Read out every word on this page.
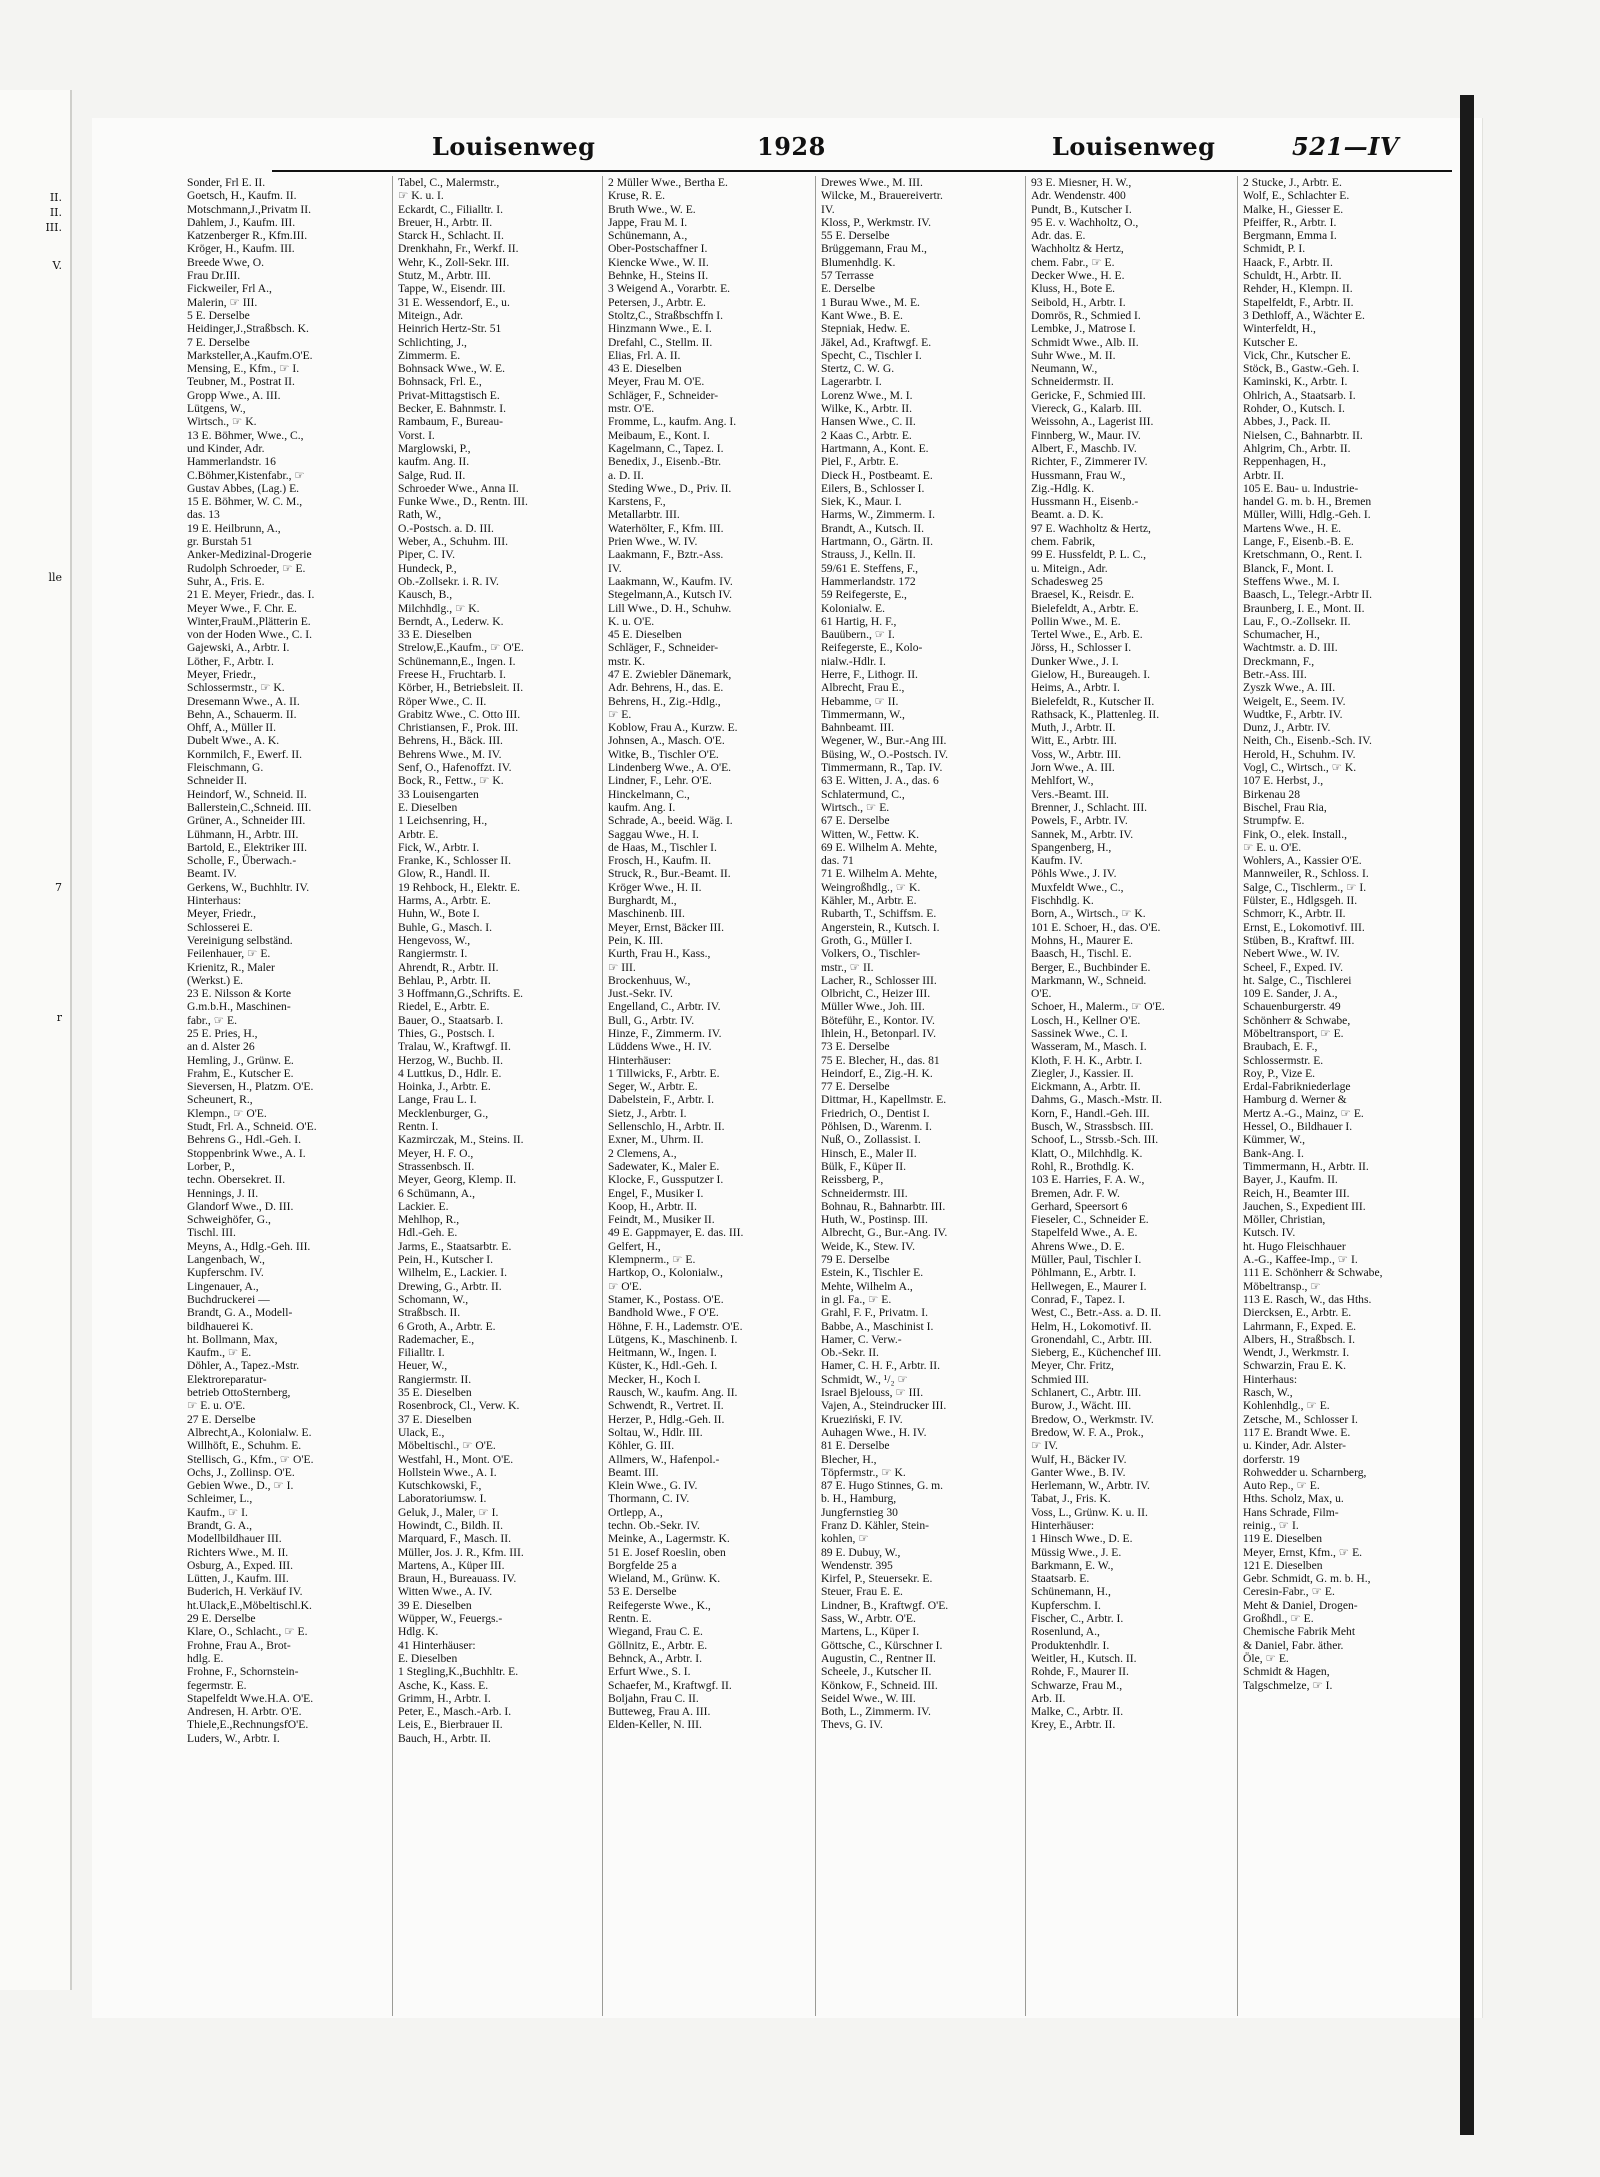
II.
II.
III.
V.
lle
7
r
Louisenweg	1928	Louisenweg	521—IV
Sonder, Frl E. II.
Goetsch, H., Kaufm. II.
Motschmann,J.,Privatm II.
Dahlem, J., Kaufm. III.
Katzenberger R., Kfm.III.
Kröger, H., Kaufm. III.
Breede Wwe, O.
Frau Dr.III.
Fickweiler, Frl A.,
Malerin, ☞ III.
5 E. Derselbe
Heidinger,J.,Straßbsch. K.
7 E. Derselbe
Marksteller,A.,Kaufm.O'E.
Mensing, E., Kfm., ☞ I.
Teubner, M., Postrat II.
Gropp Wwe., A. III.
Lütgens, W.,
Wirtsch., ☞ K.
13 E. Böhmer, Wwe., C.,
und Kinder, Adr.
Hammerlandstr. 16
C.Böhmer,Kistenfabr., ☞
Gustav Abbes, (Lag.) E.
15 E. Böhmer, W. C. M.,
das. 13
19 E. Heilbrunn, A.,
gr. Burstah 51
Anker-Medizinal-Drogerie
Rudolph Schroeder, ☞ E.
Suhr, A., Fris. E.
21 E. Meyer, Friedr., das. I.
Meyer Wwe., F. Chr. E.
Winter,FrauM.,Plätterin E.
von der Hoden Wwe., C. I.
Gajewski, A., Arbtr. I.
Löther, F., Arbtr. I.
Meyer, Friedr.,
Schlossermstr., ☞ K.
Dresemann Wwe., A. II.
Behn, A., Schauerm. II.
Ohff, A., Müller II.
Dubelt Wwe., A. K.
Kornmilch, F., Ewerf. II.
Fleischmann, G.
Schneider II.
Heindorf, W., Schneid. II.
Ballerstein,C.,Schneid. III.
Grüner, A., Schneider III.
Lühmann, H., Arbtr. III.
Bartold, E., Elektriker III.
Scholle, F., Überwach.-
Beamt. IV.
Gerkens, W., Buchhltr. IV.
Hinterhaus:
Meyer, Friedr.,
Schlosserei E.
Vereinigung selbständ.
Feilenhauer, ☞ E.
Krienitz, R., Maler
(Werkst.) E.
23 E. Nilsson & Korte
G.m.b.H., Maschinen-
fabr., ☞ E.
25 E. Pries, H.,
an d. Alster 26
Hemling, J., Grünw. E.
Frahm, E., Kutscher E.
Sieversen, H., Platzm. O'E.
Scheunert, R.,
Klempn., ☞ O'E.
Studt, Frl. A., Schneid. O'E.
Behrens G., Hdl.-Geh. I.
Stoppenbrink Wwe., A. I.
Lorber, P.,
techn. Obersekret. II.
Hennings, J. II.
Glandorf Wwe., D. III.
Schweighöfer, G.,
Tischl. III.
Meyns, A., Hdlg.-Geh. III.
Langenbach, W.,
Kupferschm. IV.
Lingenauer, A.,
Buchdruckerei —
Brandt, G. A., Modell-
bildhauerei K.
ht. Bollmann, Max,
Kaufm., ☞ E.
Döhler, A., Tapez.-Mstr.
Elektroreparatur-
betrieb OttoSternberg,
☞ E. u. O'E.
27 E. Derselbe
Albrecht,A., Kolonialw. E.
Willhöft, E., Schuhm. E.
Stellisch, G., Kfm., ☞ O'E.
Ochs, J., Zollinsp. O'E.
Gebien Wwe., D., ☞ I.
Schleimer, L.,
Kaufm., ☞ I.
Brandt, G. A.,
Modellbildhauer III.
Richters Wwe., M. II.
Osburg, A., Exped. III.
Lütten, J., Kaufm. III.
Buderich, H. Verkäuf IV.
ht.Ulack,E.,Möbeltischl.K.
29 E. Derselbe
Klare, O., Schlacht., ☞ E.
Frohne, Frau A., Brot-
hdlg. E.
Frohne, F., Schornstein-
fegermstr. E.
Stapelfeldt Wwe.H.A. O'E.
Andresen, H. Arbtr. O'E.
Thiele,E.,RechnungsfO'E.
Luders, W., Arbtr. I.
Tabel, C., Malermstr.,
☞ K. u. I.
Eckardt, C., Filialltr. I.
Breuer, H., Arbtr. II.
Starck H., Schlacht. II.
Drenkhahn, Fr., Werkf. II.
Wehr, K., Zoll-Sekr. III.
Stutz, M., Arbtr. III.
Tappe, W., Eisendr. III.
31 E. Wessendorf, E., u.
Miteign., Adr.
Heinrich Hertz-Str. 51
Schlichting, J.,
Zimmerm. E.
Bohnsack Wwe., W. E.
Bohnsack, Frl. E.,
Privat-Mittagstisch E.
Becker, E. Bahnmstr. I.
Rambaum, F., Bureau-
Vorst. I.
Marglowski, P.,
kaufm. Ang. II.
Salge, Rud. II.
Schroeder Wwe., Anna II.
Funke Wwe., D., Rentn. III.
Rath, W.,
O.-Postsch. a. D. III.
Weber, A., Schuhm. III.
Piper, C. IV.
Hundeck, P.,
Ob.-Zollsekr. i. R. IV.
Kausch, B.,
Milchhdlg., ☞ K.
Berndt, A., Lederw. K.
33 E. Dieselben
Strelow,E.,Kaufm., ☞ O'E.
Schünemann,E., Ingen. I.
Freese H., Fruchtarb. I.
Körber, H., Betriebsleit. II.
Röper Wwe., C. II.
Grabitz Wwe., C. Otto III.
Christiansen, F., Prok. III.
Behrens, H., Bäck. III.
Behrens Wwe., M. IV.
Senf, O., Hafenoffzt. IV.
Bock, R., Fettw., ☞ K.
33 Louisengarten
E. Dieselben
1 Leichsenring, H.,
Arbtr. E.
Fick, W., Arbtr. I.
Franke, K., Schlosser II.
Glow, R., Handl. II.
19 Rehbock, H., Elektr. E.
Harms, A., Arbtr. E.
Huhn, W., Bote I.
Buhle, G., Masch. I.
Hengevoss, W.,
Rangiermstr. I.
Ahrendt, R., Arbtr. II.
Behlau, P., Arbtr. II.
3 Hoffmann,G.,Schrifts. E.
Riedel, E., Arbtr. E.
Bauer, O., Staatsarb. I.
Thies, G., Postsch. I.
Tralau, W., Kraftwgf. II.
Herzog, W., Buchb. II.
4 Luttkus, D., Hdlr. E.
Hoinka, J., Arbtr. E.
Lange, Frau L. I.
Mecklenburger, G.,
Rentn. I.
Kazmirczak, M., Steins. II.
Meyer, H. F. O.,
Strassenbsch. II.
Meyer, Georg, Klemp. II.
6 Schümann, A.,
Lackier. E.
Mehlhop, R.,
Hdl.-Geh. E.
Jarms, E., Staatsarbtr. E.
Pein, H., Kutscher I.
Wilhelm, E., Lackier. I.
Drewing, G., Arbtr. II.
Schomann, W.,
Straßbsch. II.
6 Groth, A., Arbtr. E.
Rademacher, E.,
Filialltr. I.
Heuer, W.,
Rangiermstr. II.
35 E. Dieselben
Rosenbrock, Cl., Verw. K.
37 E. Dieselben
Ulack, E.,
Möbeltischl., ☞ O'E.
Westfahl, H., Mont. O'E.
Hollstein Wwe., A. I.
Kutschkowski, F.,
Laboratoriumsw. I.
Geluk, J., Maler, ☞ I.
Howindt, C., Bildh. II.
Marquard, F., Masch. II.
Müller, Jos. J. R., Kfm. III.
Martens, A., Küper III.
Braun, H., Bureauass. IV.
Witten Wwe., A. IV.
39 E. Dieselben
Wüpper, W., Feuergs.-
Hdlg. K.
41 Hinterhäuser:
E. Dieselben
1 Stegling,K.,Buchhltr. E.
Asche, K., Kass. E.
Grimm, H., Arbtr. I.
Peter, E., Masch.-Arb. I.
Leis, E., Bierbrauer II.
Bauch, H., Arbtr. II.
2 Müller Wwe., Bertha E.
Kruse, R. E.
Bruth Wwe., W. E.
Jappe, Frau M. I.
Schünemann, A.,
Ober-Postschaffner I.
Kienckе Wwe., W. II.
Behnke, H., Steins II.
3 Weigend A., Vorarbtr. E.
Petersen, J., Arbtr. E.
Stoltz,C., Straßbschffn I.
Hinzmann Wwe., E. I.
Drefahl, C., Stellm. II.
Elias, Frl. A. II.
43 E. Dieselben
Meyer, Frau M. O'E.
Schläger, F., Schneider-
mstr. O'E.
Fromme, L., kaufm. Ang. I.
Meibaum, E., Kont. I.
Kagelmann, C., Tapez. I.
Benedix, J., Eisenb.-Btr.
a. D. II.
Steding Wwe., D., Priv. II.
Karstens, F.,
Metallarbtr. III.
Waterhölter, F., Kfm. III.
Prien Wwe., W. IV.
Laakmann, F., Bztr.-Ass.
IV.
Laakmann, W., Kaufm. IV.
Stegelmann,A., Kutsch IV.
Lill Wwe., D. H., Schuhw.
K. u. O'E.
45 E. Dieselben
Schläger, F., Schneider-
mstr. K.
47 E. Zwiebler Dänemark,
Adr. Behrens, H., das. E.
Behrens, H., Zig.-Hdlg.,
☞ E.
Koblow, Frau A., Kurzw. E.
Johnsen, A., Masch. O'E.
Witke, B., Tischler O'E.
Lindenberg Wwe., A. O'E.
Lindner, F., Lehr. O'E.
Hinckelmann, C.,
kaufm. Ang. I.
Schrade, A., beeid. Wäg. I.
Saggau Wwe., H. I.
de Haas, M., Tischler I.
Frosch, H., Kaufm. II.
Struck, R., Bur.-Beamt. II.
Kröger Wwe., H. II.
Burghardt, M.,
Maschinenb. III.
Meyer, Ernst, Bäcker III.
Pein, K. III.
Kurth, Frau H., Kass.,
☞ III.
Brockenhuus, W.,
Just.-Sekr. IV.
Engelland, C., Arbtr. IV.
Bull, G., Arbtr. IV.
Hinze, F., Zimmerm. IV.
Lüddens Wwe., H. IV.
Hinterhäuser:
1 Tillwicks, F., Arbtr. E.
Seger, W., Arbtr. E.
Dabelstein, F., Arbtr. I.
Sietz, J., Arbtr. I.
Sellenschlo, H., Arbtr. II.
Exner, M., Uhrm. II.
2 Clemens, A.,
Sadewater, K., Maler E.
Klocke, F., Gussputzer I.
Engel, F., Musiker I.
Koop, H., Arbtr. II.
Feindt, M., Musiker II.
49 E. Gappmayer, E. das. III.
Gelfert, H.,
Klempnerm., ☞ E.
Hartkop, O., Kolonialw.,
☞ O'E.
Stamer, K., Postass. O'E.
Bandhold Wwe., F O'E.
Höhne, F. H., Lademstr. O'E.
Lütgens, K., Maschinenb. I.
Heitmann, W., Ingen. I.
Küster, K., Hdl.-Geh. I.
Mecker, H., Koch I.
Rausch, W., kaufm. Ang. II.
Schwendt, R., Vertret. II.
Herzer, P., Hdlg.-Geh. II.
Soltau, W., Hdlr. III.
Köhler, G. III.
Allmers, W., Hafenpol.-
Beamt. III.
Klein Wwe., G. IV.
Thormann, C. IV.
Ortlepp, A.,
techn. Ob.-Sekr. IV.
Meinke, A., Lagermstr. K.
51 E. Josef Roeslin, oben
Borgfelde 25 a
Wieland, M., Grünw. K.
53 E. Derselbe
Reifegerste Wwe., K.,
Rentn. E.
Wiegand, Frau C. E.
Göllnitz, E., Arbtr. E.
Behnck, A., Arbtr. I.
Erfurt Wwe., S. I.
Schaefer, M., Kraftwgf. II.
Boljahn, Frau C. II.
Butteweg, Frau A. III.
Elden-Keller, N. III.
Drewes Wwe., M. III.
Wilcke, M., Brauereivertr.
IV.
Kloss, P., Werkmstr. IV.
55 E. Derselbe
Brüggemann, Frau M.,
Blumenhdlg. K.
57 Terrasse
E. Derselbe
1 Burau Wwe., M. E.
Kant Wwe., B. E.
Stepniak, Hedw. E.
Jäkel, Ad., Kraftwgf. E.
Specht, C., Tischler I.
Stertz, C. W. G.
Lagerarbtr. I.
Lorenz Wwe., M. I.
Wilke, K., Arbtr. II.
Hansen Wwe., C. II.
2 Kaas C., Arbtr. E.
Hartmann, A., Kont. E.
Piel, F., Arbtr. E.
Dieck H., Postbeamt. E.
Eilers, B., Schlosser I.
Siek, K., Maur. I.
Harms, W., Zimmerm. I.
Brandt, A., Kutsch. II.
Hartmann, O., Gärtn. II.
Strauss, J., Kelln. II.
59/61 E. Steffens, F.,
Hammerlandstr. 172
59 Reifegerste, E.,
Kolonialw. E.
61 Hartig, H. F.,
Bauübern., ☞ I.
Reifegerste, E., Kolo-
nialw.-Hdlr. I.
Herre, F., Lithogr. II.
Albrecht, Frau E.,
Hebamme, ☞ II.
Timmermann, W.,
Bahnbeamt. III.
Wegener, W., Bur.-Ang III.
Büsing, W., O.-Postsch. IV.
Timmermann, R., Tap. IV.
63 E. Witten, J. A., das. 6
Schlatermund, C.,
Wirtsch., ☞ E.
67 E. Derselbe
Witten, W., Fettw. K.
69 E. Wilhelm A. Mehte,
das. 71
71 E. Wilhelm A. Mehte,
Weingroßhdlg., ☞ K.
Kähler, M., Arbtr. E.
Rubarth, T., Schiffsm. E.
Angerstein, R., Kutsch. I.
Groth, G., Müller I.
Volkers, O., Tischler-
mstr., ☞ II.
Lacher, R., Schlosser III.
Olbricht, C., Heizer III.
Müller Wwe., Joh. III.
Böteführ, E., Kontor. IV.
Ihlein, H., Betonparl. IV.
73 E. Derselbe
75 E. Blecher, H., das. 81
Heindorf, E., Zig.-H. K.
77 E. Derselbe
Dittmar, H., Kapellmstr. E.
Friedrich, O., Dentist I.
Pöhlsen, D., Warenm. I.
Nuß, O., Zollassist. I.
Hinsch, E., Maler II.
Bülk, F., Küper II.
Reissberg, P.,
Schneidermstr. III.
Bohnau, R., Bahnarbtr. III.
Huth, W., Postinsp. III.
Albrecht, G., Bur.-Ang. IV.
Weide, K., Stew. IV.
79 E. Derselbe
Estein, K., Tischler E.
Mehte, Wilhelm A.,
in gl. Fa., ☞ E.
Grahl, F. F., Privatm. I.
Babbe, A., Maschinist I.
Hamer, C. Verw.-
Ob.-Sekr. II.
Hamer, C. H. F., Arbtr. II.
Schmidt, W., ¹/₂ ☞
Israel Bjelouss, ☞ III.
Vajen, A., Steindrucker III.
Krueziński, F. IV.
Auhagen Wwe., H. IV.
81 E. Derselbe
Blecher, H.,
Töpfermstr., ☞ K.
87 E. Hugo Stinnes, G. m.
b. H., Hamburg,
Jungfernstieg 30
Franz D. Kähler, Stein-
kohlen, ☞
89 E. Dubuy, W.,
Wendenstr. 395
Kirfel, P., Steuersekr. E.
Steuer, Frau E. E.
Lindner, B., Kraftwgf. O'E.
Sass, W., Arbtr. O'E.
Martens, L., Küper I.
Göttsche, C., Kürschner I.
Augustin, C., Rentner II.
Scheele, J., Kutscher II.
Könkow, F., Schneid. III.
Seidel Wwe., W. III.
Both, L., Zimmerm. IV.
Thevs, G. IV.
93 E. Miesner, H. W.,
Adr. Wendenstr. 400
Pundt, B., Kutscher I.
95 E. v. Wachholtz, O.,
Adr. das. E.
Wachholtz & Hertz,
chem. Fabr., ☞ E.
Decker Wwe., H. E.
Kluss, H., Bote E.
Seibold, H., Arbtr. I.
Domrös, R., Schmied I.
Lembke, J., Matrose I.
Schmidt Wwe., Alb. II.
Suhr Wwe., M. II.
Neumann, W.,
Schneidermstr. II.
Gericke, F., Schmied III.
Viereck, G., Kalarb. III.
Weissohn, A., Lagerist III.
Finnberg, W., Maur. IV.
Albert, F., Maschb. IV.
Richter, F., Zimmerer IV.
Hussmann, Frau W.,
Zig.-Hdlg. K.
Hussmann H., Eisenb.-
Beamt. a. D. K.
97 E. Wachholtz & Hertz,
chem. Fabrik,
99 E. Hussfeldt, P. L. C.,
u. Miteign., Adr.
Schadesweg 25
Braesel, K., Reisdr. E.
Bielefeldt, A., Arbtr. E.
Pollin Wwe., M. E.
Tertel Wwe., E., Arb. E.
Jörss, H., Schlosser I.
Dunker Wwe., J. I.
Gielow, H., Bureaugeh. I.
Heims, A., Arbtr. I.
Bielefeldt, R., Kutscher II.
Rathsack, K., Plattenleg. II.
Muth, J., Arbtr. II.
Witt, E., Arbtr. III.
Voss, W., Arbtr. III.
Jorn Wwe., A. III.
Mehlfort, W.,
Vers.-Beamt. III.
Brenner, J., Schlacht. III.
Powels, F., Arbtr. IV.
Sannek, M., Arbtr. IV.
Spangenberg, H.,
Kaufm. IV.
Pöhls Wwe., J. IV.
Muxfeldt Wwe., C.,
Fischhdlg. K.
Born, A., Wirtsch., ☞ K.
101 E. Schoer, H., das. O'E.
Mohns, H., Maurer E.
Baasch, H., Tischl. E.
Berger, E., Buchbinder E.
Markmann, W., Schneid.
O'E.
Schoer, H., Malerm., ☞ O'E.
Losch, H., Kellner O'E.
Sassinek Wwe., C. I.
Wasseram, M., Masch. I.
Kloth, F. H. K., Arbtr. I.
Ziegler, J., Kassier. II.
Eickmann, A., Arbtr. II.
Dahms, G., Masch.-Mstr. II.
Korn, F., Handl.-Geh. III.
Busch, W., Strassbsch. III.
Schoof, L., Strssb.-Sch. III.
Klatt, O., Milchhdlg. K.
Rohl, R., Brothdlg. K.
103 E. Harries, F. A. W.,
Bremen, Adr. F. W.
Gerhard, Speersort 6
Fieseler, C., Schneider E.
Stapelfeld Wwe., A. E.
Ahrens Wwe., D. E.
Müller, Paul, Tischler I.
Pöhlmann, E., Arbtr. I.
Hellwegen, E., Maurer I.
Conrad, F., Tapez. I.
West, C., Betr.-Ass. a. D. II.
Helm, H., Lokomotivf. II.
Gronendahl, C., Arbtr. III.
Sieberg, E., Küchenchef III.
Meyer, Chr. Fritz,
Schmied III.
Schlanert, C., Arbtr. III.
Burow, J., Wächt. III.
Bredow, O., Werkmstr. IV.
Bredow, W. F. A., Prok.,
☞ IV.
Wulf, H., Bäcker IV.
Ganter Wwe., B. IV.
Herlemann, W., Arbtr. IV.
Tabat, J., Fris. K.
Voss, L., Grünw. K. u. II.
Hinterhäuser:
1 Hinsch Wwe., D. E.
Müssig Wwe., J. E.
Barkmann, E. W.,
Staatsarb. E.
Schünemann, H.,
Kupferschm. I.
Fischer, C., Arbtr. I.
Rosenlund, A.,
Produktenhdlr. I.
Weitler, H., Kutsch. II.
Rohde, F., Maurer II.
Schwarze, Frau M.,
Arb. II.
Malke, C., Arbtr. II.
Krey, E., Arbtr. II.
2 Stucke, J., Arbtr. E.
Wolf, E., Schlachter E.
Malke, H., Giesser E.
Pfeiffer, R., Arbtr. I.
Bergmann, Emma I.
Schmidt, P. I.
Haack, F., Arbtr. II.
Schuldt, H., Arbtr. II.
Rehder, H., Klempn. II.
Stapelfeldt, F., Arbtr. II.
3 Dethloff, A., Wächter E.
Winterfeldt, H.,
Kutscher E.
Vick, Chr., Kutscher E.
Stöck, B., Gastw.-Geh. I.
Kaminski, K., Arbtr. I.
Ohlrich, A., Staatsarb. I.
Rohder, O., Kutsch. I.
Abbes, J., Pack. II.
Nielsen, C., Bahnarbtr. II.
Ahlgrim, Ch., Arbtr. II.
Reppenhagen, H.,
Arbtr. II.
105 E. Bau- u. Industrie-
handel G. m. b. H., Bremen
Müller, Willi, Hdlg.-Geh. I.
Martens Wwe., H. E.
Lange, F., Eisenb.-B. E.
Kretschmann, O., Rent. I.
Blanck, F., Mont. I.
Steffens Wwe., M. I.
Baasch, L., Telegr.-Arbtr II.
Braunberg, I. E., Mont. II.
Lau, F., O.-Zollsekr. II.
Schumacher, H.,
Wachtmstr. a. D. III.
Dreckmann, F.,
Betr.-Ass. III.
Zyszk Wwe., A. III.
Weigelt, E., Seem. IV.
Wudtke, F., Arbtr. IV.
Dunz, J., Arbtr. IV.
Neith, Ch., Eisenb.-Sch. IV.
Herold, H., Schuhm. IV.
Vogl, C., Wirtsch., ☞ K.
107 E. Herbst, J.,
Birkenau 28
Bischel, Frau Ria,
Strumpfw. E.
Fink, O., elek. Install.,
☞ E. u. O'E.
Wohlers, A., Kassier O'E.
Mannweiler, R., Schloss. I.
Salge, C., Tischlerm., ☞ I.
Fülster, E., Hdlgsgeh. II.
Schmorr, K., Arbtr. II.
Ernst, E., Lokomotivf. III.
Stüben, B., Kraftwf. III.
Nebert Wwe., W. IV.
Scheel, F., Exped. IV.
ht. Salge, C., Tischlerei
109 E. Sander, J. A.,
Schauenburgerstr. 49
Schönherr & Schwabe,
Möbeltransport, ☞ E.
Braubach, E. F.,
Schlossermstr. E.
Roy, P., Vize E.
Erdal-Fabrikniederlage
Hamburg d. Werner &
Mertz A.-G., Mainz, ☞ E.
Hessel, O., Bildhauer I.
Kümmer, W.,
Bank-Ang. I.
Timmermann, H., Arbtr. II.
Bayer, J., Kaufm. II.
Reich, H., Beamter III.
Jauchen, S., Expedient III.
Möller, Christian,
Kutsch. IV.
ht. Hugo Fleischhauer
A.-G., Kaffee-Imp., ☞ I.
111 E. Schönherr & Schwabe,
Möbeltransp., ☞
113 E. Rasch, W., das Hths.
Diercksen, E., Arbtr. E.
Lahrmann, F., Exped. E.
Albers, H., Straßbsch. I.
Wendt, J., Werkmstr. I.
Schwarzin, Frau E. K.
Hinterhaus:
Rasch, W.,
Kohlenhdlg., ☞ E.
Zetsche, M., Schlosser I.
117 E. Brandt Wwe. E.
u. Kinder, Adr. Alster-
dorferstr. 19
Rohwedder u. Scharnberg,
Auto Rep., ☞ E.
Hths. Scholz, Max, u.
Hans Schrade, Film-
reinig., ☞ I.
119 E. Dieselben
Meyer, Ernst, Kfm., ☞ E.
121 E. Dieselben
Gebr. Schmidt, G. m. b. H.,
Ceresin-Fabr., ☞ E.
Meht & Daniel, Drogen-
Großhdl., ☞ E.
Chemische Fabrik Meht
& Daniel, Fabr. äther.
Öle, ☞ E.
Schmidt & Hagen,
Talgschmelze, ☞ I.
